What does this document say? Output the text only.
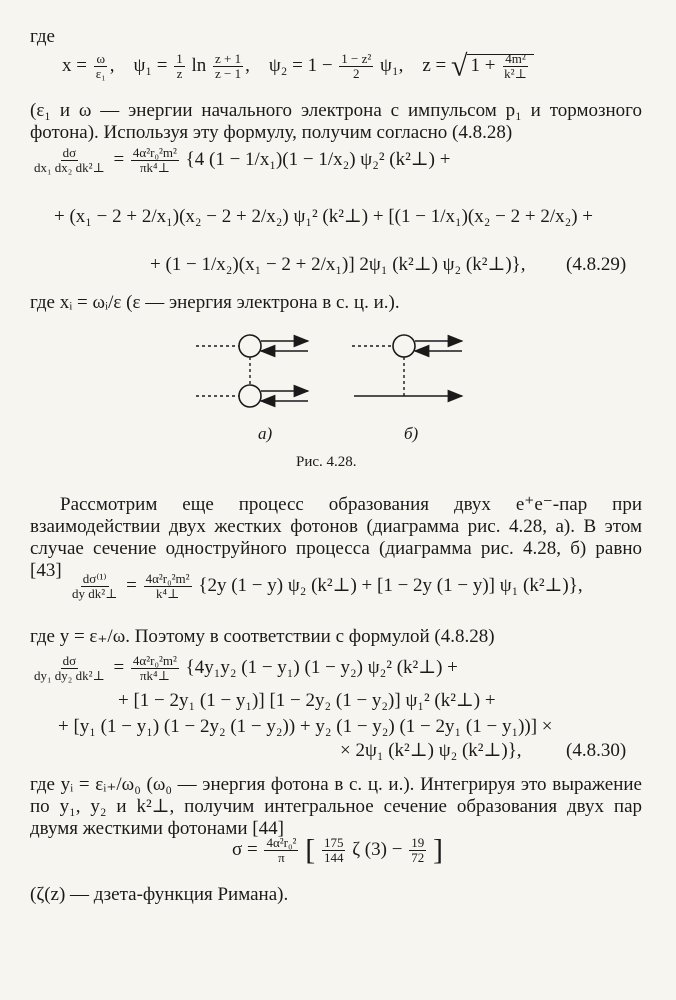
где
$x = \frac{\omega}{\text{ε₁}}$ ,    $\psi_1 = \frac{1}{z}$ $\ln \frac{z + 1}{z - 1}$ ,    $\psi_2 = 1 - \frac{\text{1 − z²}}{2} \psi_1$, z = √ $1 + \frac{\text{4m²}}{\text{k²⊥}}$
(ε₁ и ω — энергии начального электрона с импульсом p₁ и тормозного фотона). Используя эту формулу, получим согласно (4.8.28)
$\frac{d\sigma}{\text{dx₁ dx₂ dk²⊥}} = \frac{\text{4α²r₀²m²}}{\text{πk⁴⊥}} \{4$ (1 − 1/x₁)(1 − 1/x₂) ψ₂² (k²⊥) +
+ (x₁ − 2 + 2/x₁)(x₂ − 2 + 2/x₂) ψ₁² (k²⊥) + [(1 − 1/x₁)(x₂ − 2 + 2/x₂) +
+ (1 − 1/x₂)(x₁ − 2 + 2/x₁)] 2ψ₁ (k²⊥) ψ₂ (k²⊥)}, (4.8.29)
где xᵢ = ωᵢ/ε (ε — энергия электрона в с. ц. и.).
а)	б)
Рис. 4.28.
Рассмотрим еще процесс образования двух e⁺e⁻-пар при взаимодействии двух жестких фотонов (диаграмма рис. 4.28, а). В этом случае сечение одноструйного процесса (диаграмма рис. 4.28, б) равно [43]
$\frac{\text{dσ⁽¹⁾}}{\text{dy dk²⊥}} = \frac{\text{4α²r₀²m²}}{\text{k⁴⊥}} \{2y$ (1 − y) ψ₂ (k²⊥) + [1 − 2y (1 − y)] ψ₁ (k²⊥)},
где y = ε₊/ω. Поэтому в соответствии с формулой (4.8.28)
$\frac{d\sigma}{\text{dy₁ dy₂ dk²⊥}} = \frac{\text{4α²r₀²m²}}{\text{πk⁴⊥}} \{4y_1y_2$ (1 − y₁) (1 − y₂) ψ₂² (k²⊥) +
+ [1 − 2y₁ (1 − y₁)] [1 − 2y₂ (1 − y₂)] ψ₁² (k²⊥) +
+ [y₁ (1 − y₁) (1 − 2y₂ (1 − y₂)) + y₂ (1 − y₂) (1 − 2y₁ (1 − y₁))] ×
× 2ψ₁ (k²⊥) ψ₂ (k²⊥)}, (4.8.30)
где yᵢ = εᵢ₊/ω₀ (ω₀ — энергия фотона в с. ц. и.). Интегрируя это выражение по y₁, y₂ и k²⊥, получим интегральное сечение образования двух пар двумя жесткими фотонами [44]
$\sigma = \frac{\text{4α²r₀²}}{\pi}$ [ $\frac{175}{144}$ ζ $(3) - \frac{19}{72}$ ]
(ζ(z) — дзета-функция Римана).
